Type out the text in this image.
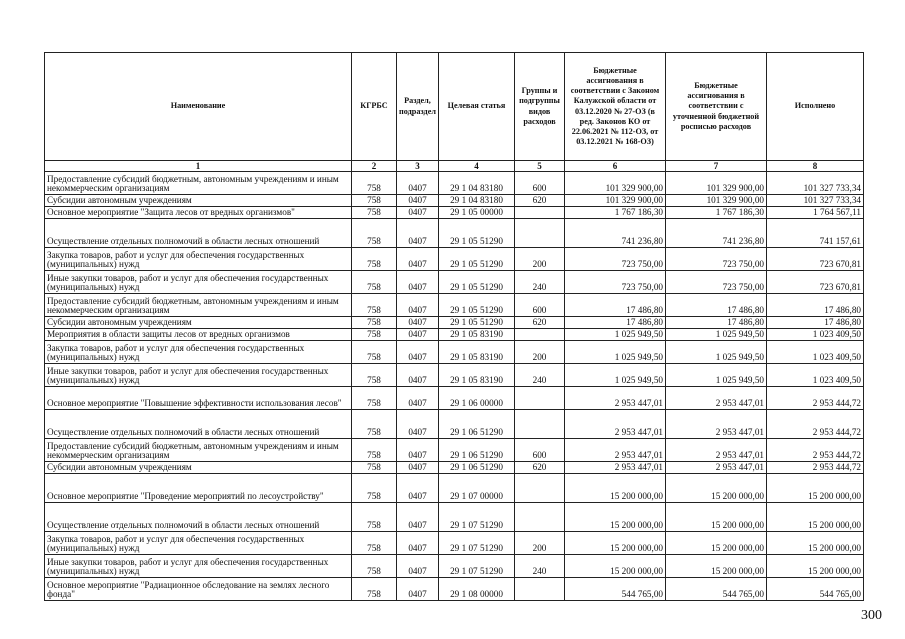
Наименование	КГРБС	Раздел, подраздел	Целевая статья	Группы и подгруппы видов расходов	Бюджетные ассигнования в соответствии с Законом Калужской области от 03.12.2020 № 27-ОЗ (в ред. Законов КО от 22.06.2021 № 112-ОЗ, от 03.12.2021 № 168-ОЗ)	Бюджетные ассигнования в соответствии с уточненной бюджетной росписью расходов	Исполнено
1	2	3	4	5	6	7	8
Предоставление субсидий бюджетным, автономным учреждениям и иным некоммерческим организациям	758	0407	29 1 04 83180	600	101 329 900,00	101 329 900,00	101 327 733,34
Субсидии автономным учреждениям	758	0407	29 1 04 83180	620	101 329 900,00	101 329 900,00	101 327 733,34
Основное мероприятие "Защита лесов от вредных организмов"	758	0407	29 1 05 00000		1 767 186,30	1 767 186,30	1 764 567,11
Осуществление отдельных полномочий в области лесных отношений	758	0407	29 1 05 51290		741 236,80	741 236,80	741 157,61
Закупка товаров, работ и услуг для обеспечения государственных (муниципальных) нужд	758	0407	29 1 05 51290	200	723 750,00	723 750,00	723 670,81
Иные закупки товаров, работ и услуг для обеспечения государственных (муниципальных) нужд	758	0407	29 1 05 51290	240	723 750,00	723 750,00	723 670,81
Предоставление субсидий бюджетным, автономным учреждениям и иным некоммерческим организациям	758	0407	29 1 05 51290	600	17 486,80	17 486,80	17 486,80
Субсидии автономным учреждениям	758	0407	29 1 05 51290	620	17 486,80	17 486,80	17 486,80
Мероприятия в области защиты лесов от вредных организмов	758	0407	29 1 05 83190		1 025 949,50	1 025 949,50	1 023 409,50
Закупка товаров, работ и услуг для обеспечения государственных (муниципальных) нужд	758	0407	29 1 05 83190	200	1 025 949,50	1 025 949,50	1 023 409,50
Иные закупки товаров, работ и услуг для обеспечения государственных (муниципальных) нужд	758	0407	29 1 05 83190	240	1 025 949,50	1 025 949,50	1 023 409,50
Основное мероприятие "Повышение эффективности использования лесов"	758	0407	29 1 06 00000		2 953 447,01	2 953 447,01	2 953 444,72
Осуществление отдельных полномочий в области лесных отношений	758	0407	29 1 06 51290		2 953 447,01	2 953 447,01	2 953 444,72
Предоставление субсидий бюджетным, автономным учреждениям и иным некоммерческим организациям	758	0407	29 1 06 51290	600	2 953 447,01	2 953 447,01	2 953 444,72
Субсидии автономным учреждениям	758	0407	29 1 06 51290	620	2 953 447,01	2 953 447,01	2 953 444,72
Основное мероприятие "Проведение мероприятий по лесоустройству"	758	0407	29 1 07 00000		15 200 000,00	15 200 000,00	15 200 000,00
Осуществление отдельных полномочий в области лесных отношений	758	0407	29 1 07 51290		15 200 000,00	15 200 000,00	15 200 000,00
Закупка товаров, работ и услуг для обеспечения государственных (муниципальных) нужд	758	0407	29 1 07 51290	200	15 200 000,00	15 200 000,00	15 200 000,00
Иные закупки товаров, работ и услуг для обеспечения государственных (муниципальных) нужд	758	0407	29 1 07 51290	240	15 200 000,00	15 200 000,00	15 200 000,00
Основное мероприятие "Радиационное обследование на землях лесного фонда"	758	0407	29 1 08 00000		544 765,00	544 765,00	544 765,00
300
